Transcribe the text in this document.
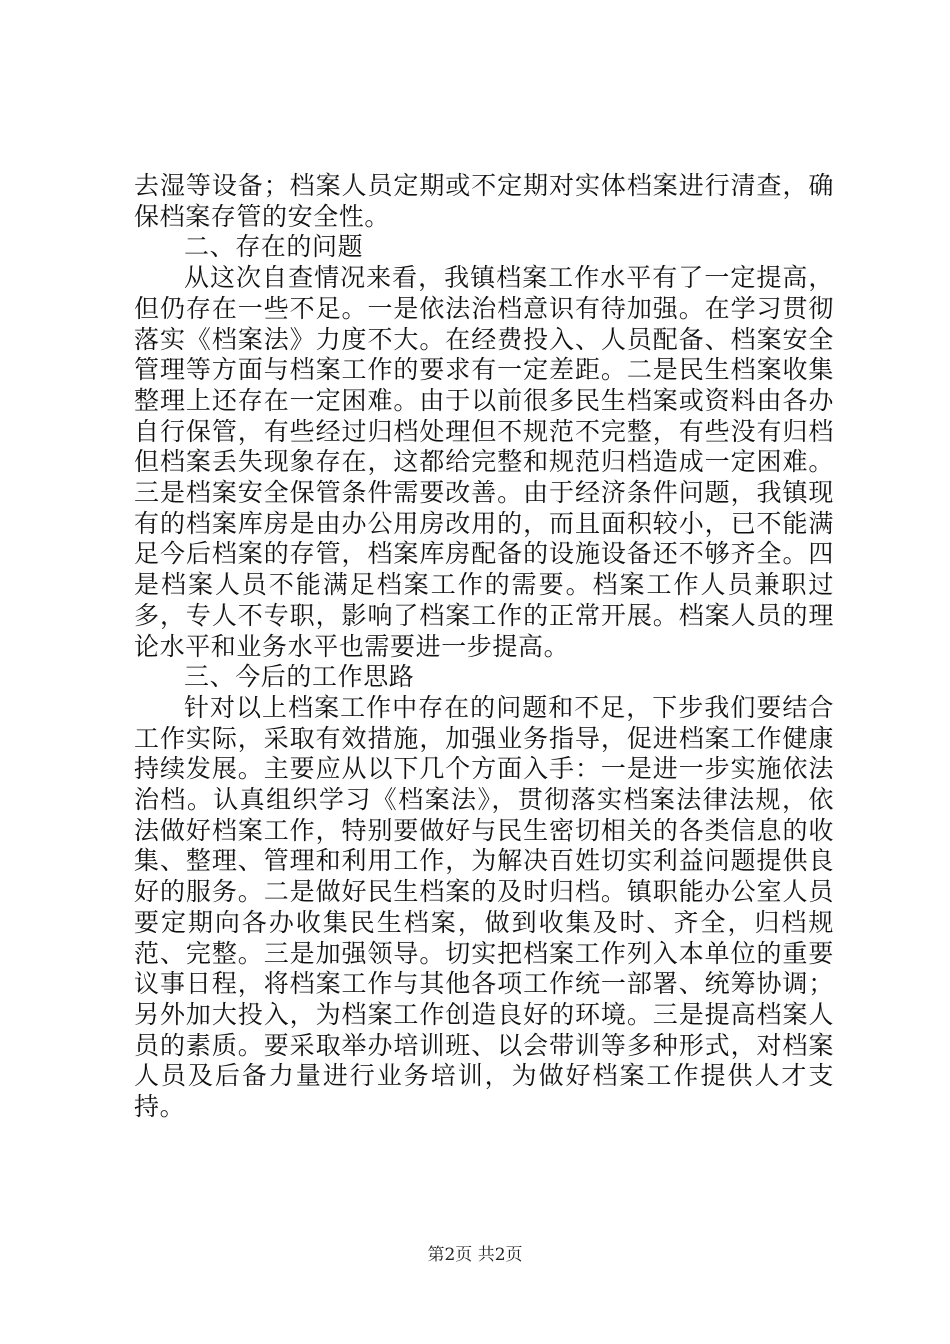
去湿等设备；档案人员定期或不定期对实体档案进行清查，确保档案存管的安全性。

二、存在的问题

从这次自查情况来看，我镇档案工作水平有了一定提高，但仍存在一些不足。一是依法治档意识有待加强。在学习贯彻落实《档案法》力度不大。在经费投入、人员配备、档案安全管理等方面与档案工作的要求有一定差距。二是民生档案收集整理上还存在一定困难。由于以前很多民生档案或资料由各办自行保管，有些经过归档处理但不规范不完整，有些没有归档但档案丢失现象存在，这都给完整和规范归档造成一定困难。三是档案安全保管条件需要改善。由于经济条件问题，我镇现有的档案库房是由办公用房改用的，而且面积较小，已不能满足今后档案的存管，档案库房配备的设施设备还不够齐全。四是档案人员不能满足档案工作的需要。档案工作人员兼职过多，专人不专职，影响了档案工作的正常开展。档案人员的理论水平和业务水平也需要进一步提高。

三、今后的工作思路

针对以上档案工作中存在的问题和不足，下步我们要结合工作实际，采取有效措施，加强业务指导，促进档案工作健康持续发展。主要应从以下几个方面入手：一是进一步实施依法治档。认真组织学习《档案法》，贯彻落实档案法律法规，依法做好档案工作，特别要做好与民生密切相关的各类信息的收集、整理、管理和利用工作，为解决百姓切实利益问题提供良好的服务。二是做好民生档案的及时归档。镇职能办公室人员要定期向各办收集民生档案，做到收集及时、齐全，归档规范、完整。三是加强领导。切实把档案工作列入本单位的重要议事日程，将档案工作与其他各项工作统一部署、统筹协调；另外加大投入，为档案工作创造良好的环境。三是提高档案人员的素质。要采取举办培训班、以会带训等多种形式，对档案人员及后备力量进行业务培训，为做好档案工作提供人才支持。

第2页 共2页
